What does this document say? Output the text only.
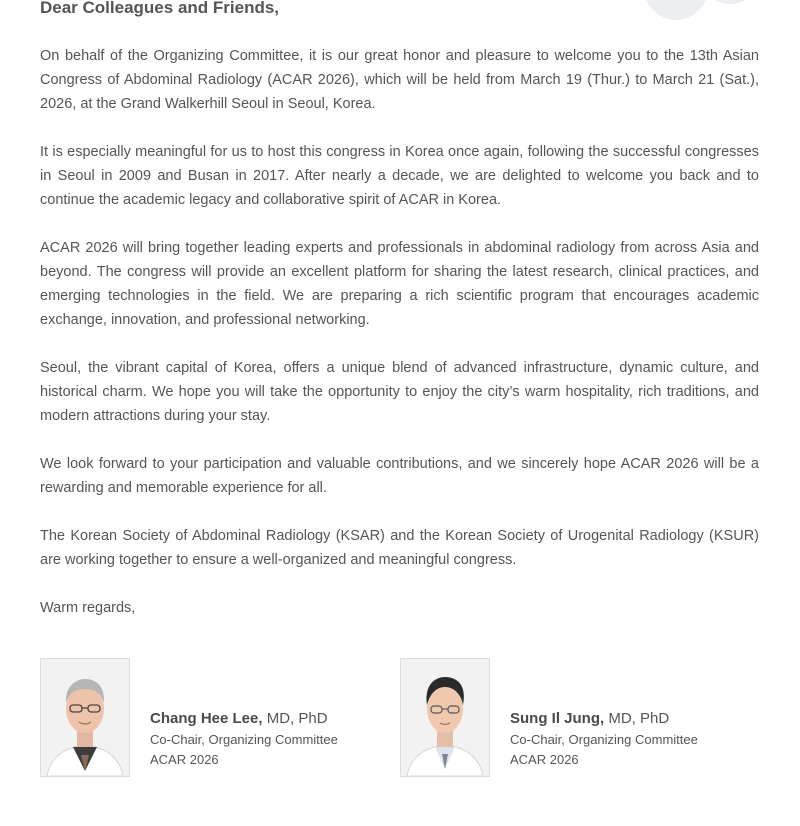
Dear Colleagues and Friends,

On behalf of the Organizing Committee, it is our great honor and pleasure to welcome you to the 13th Asian Congress of Abdominal Radiology (ACAR 2026), which will be held from March 19 (Thur.) to March 21 (Sat.), 2026, at the Grand Walkerhill Seoul in Seoul, Korea.

It is especially meaningful for us to host this congress in Korea once again, following the successful congresses in Seoul in 2009 and Busan in 2017. After nearly a decade, we are delighted to welcome you back and to continue the academic legacy and collaborative spirit of ACAR in Korea.

ACAR 2026 will bring together leading experts and professionals in abdominal radiology from across Asia and beyond. The congress will provide an excellent platform for sharing the latest research, clinical practices, and emerging technologies in the field. We are preparing a rich scientific program that encourages academic exchange, innovation, and professional networking.

Seoul, the vibrant capital of Korea, offers a unique blend of advanced infrastructure, dynamic culture, and historical charm. We hope you will take the opportunity to enjoy the city’s warm hospitality, rich traditions, and modern attractions during your stay.

We look forward to your participation and valuable contributions, and we sincerely hope ACAR 2026 will be a rewarding and memorable experience for all.

The Korean Society of Abdominal Radiology (KSAR) and the Korean Society of Urogenital Radiology (KSUR) are working together to ensure a well-organized and meaningful congress.

Warm regards,

Chang Hee Lee, MD, PhD
Co-Chair, Organizing Committee
ACAR 2026
Sung Il Jung, MD, PhD
Co-Chair, Organizing Committee
ACAR 2026
